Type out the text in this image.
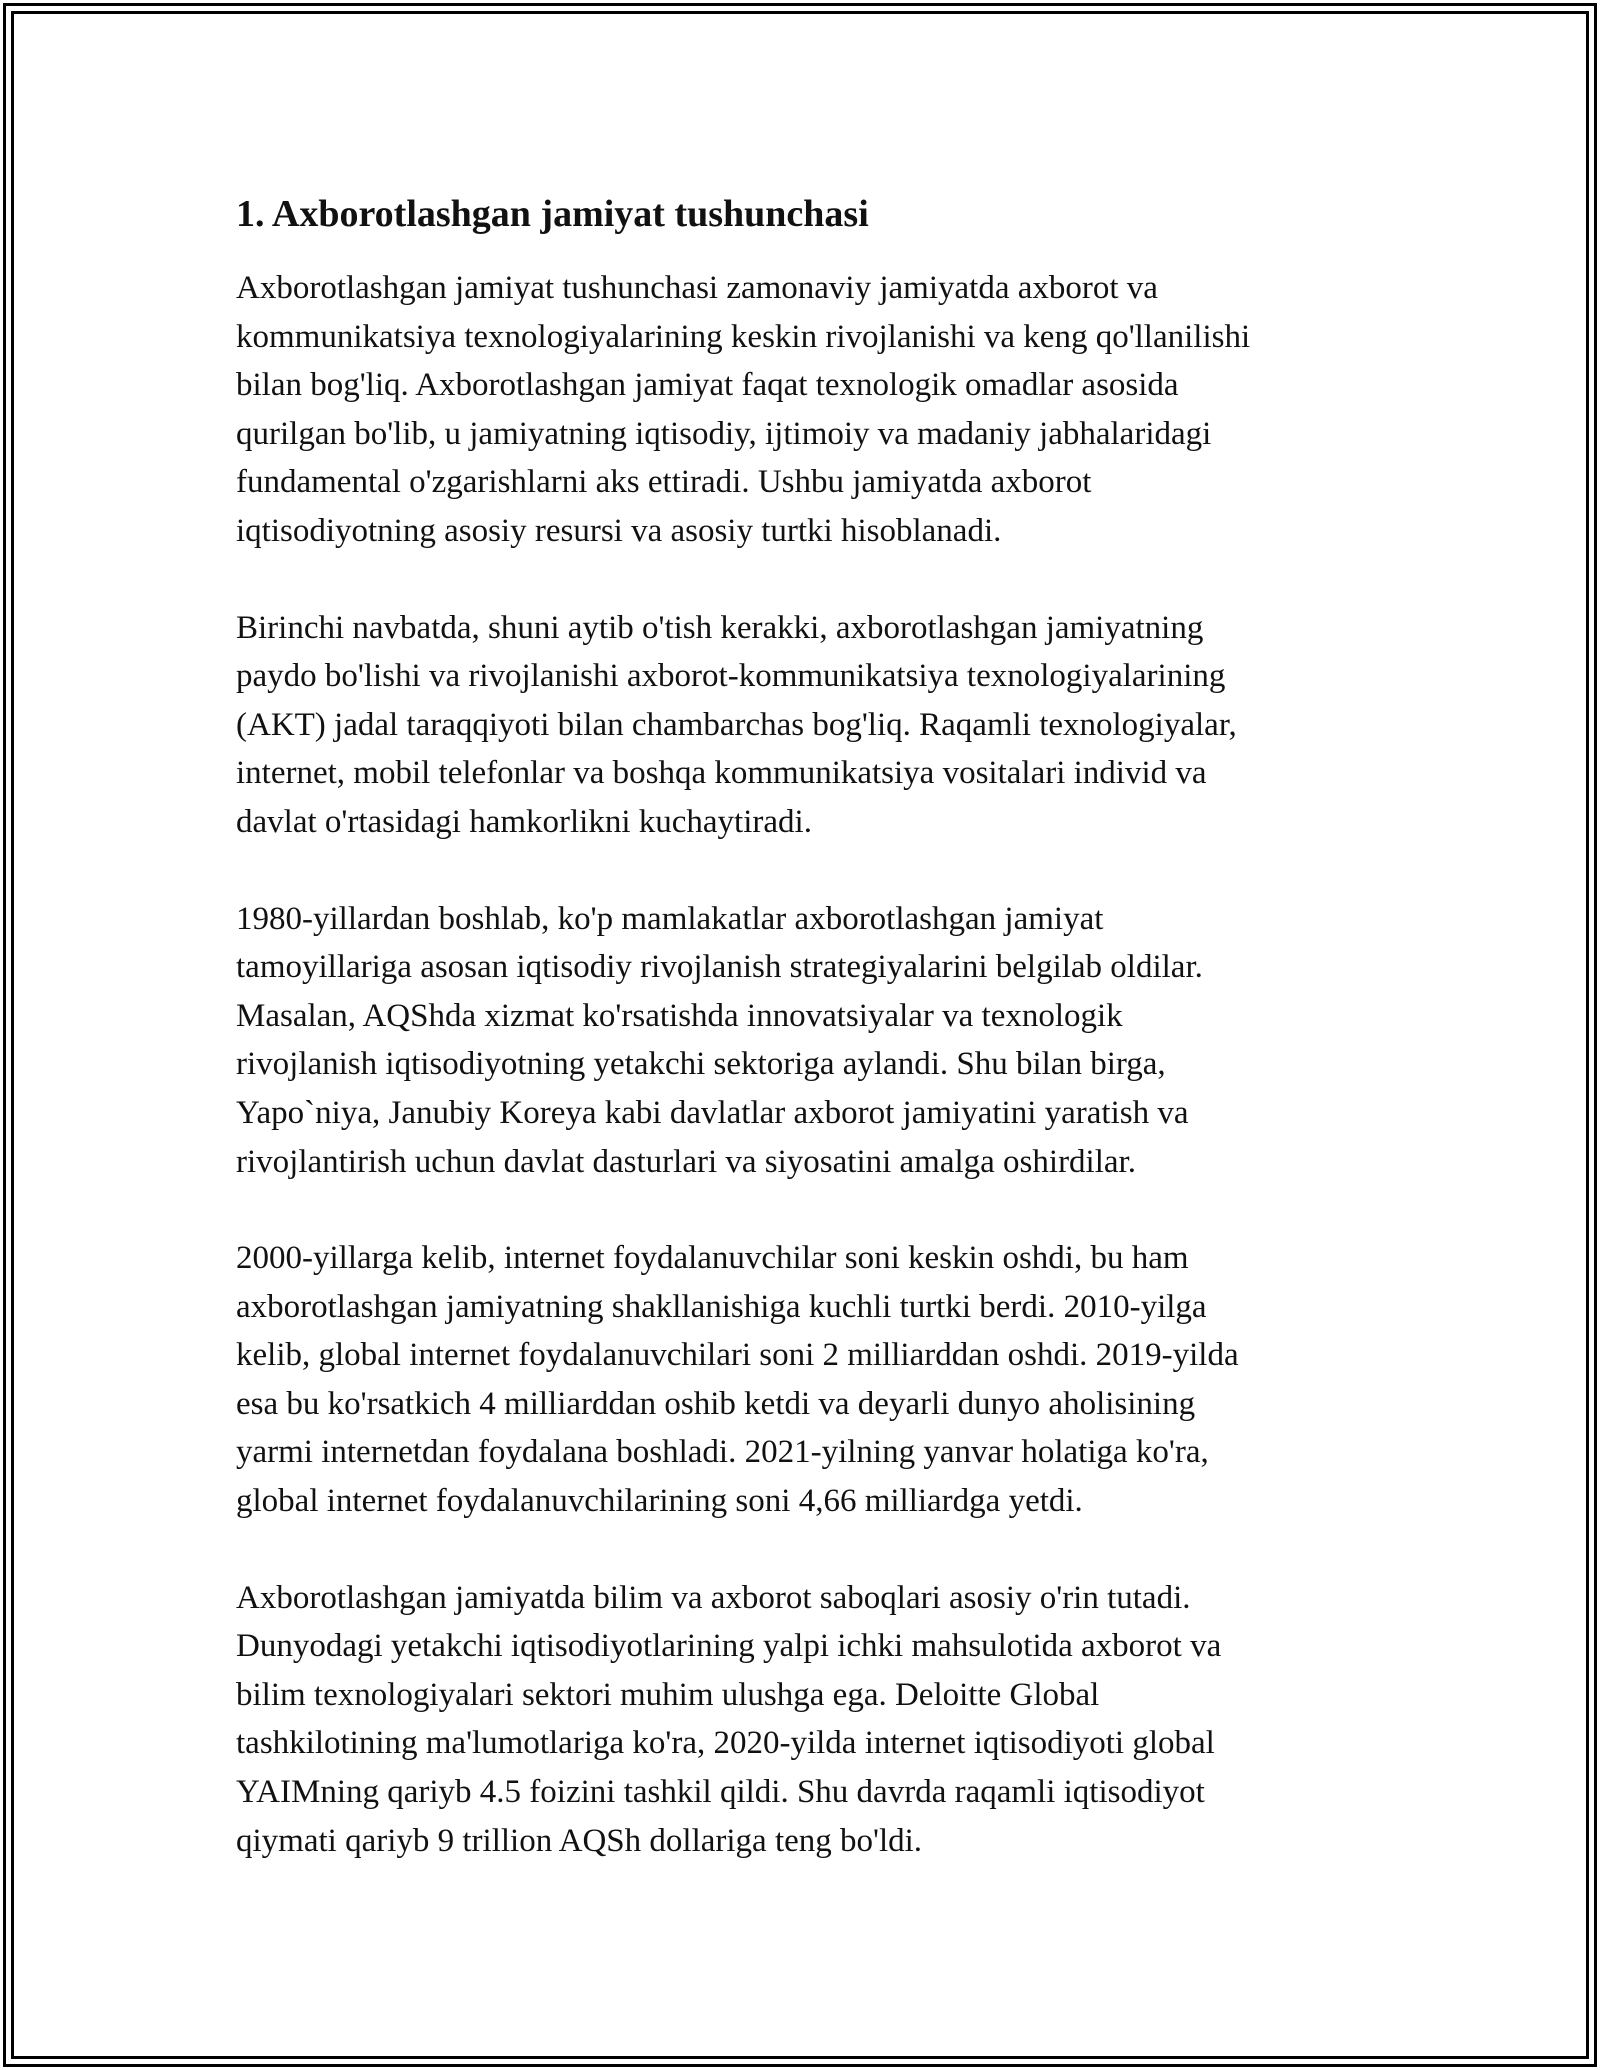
1. Axborotlashgan jamiyat tushunchasi

Axborotlashgan jamiyat tushunchasi zamonaviy jamiyatda axborot va
kommunikatsiya texnologiyalarining keskin rivojlanishi va keng qo'llanilishi
bilan bog'liq. Axborotlashgan jamiyat faqat texnologik omadlar asosida
qurilgan bo'lib, u jamiyatning iqtisodiy, ijtimoiy va madaniy jabhalaridagi
fundamental o'zgarishlarni aks ettiradi. Ushbu jamiyatda axborot
iqtisodiyotning asosiy resursi va asosiy turtki hisoblanadi.

Birinchi navbatda, shuni aytib o'tish kerakki, axborotlashgan jamiyatning
paydo bo'lishi va rivojlanishi axborot-kommunikatsiya texnologiyalarining
(AKT) jadal taraqqiyoti bilan chambarchas bog'liq. Raqamli texnologiyalar,
internet, mobil telefonlar va boshqa kommunikatsiya vositalari individ va
davlat o'rtasidagi hamkorlikni kuchaytiradi.

1980-yillardan boshlab, ko'p mamlakatlar axborotlashgan jamiyat
tamoyillariga asosan iqtisodiy rivojlanish strategiyalarini belgilab oldilar.
Masalan, AQShda xizmat ko'rsatishda innovatsiyalar va texnologik
rivojlanish iqtisodiyotning yetakchi sektoriga aylandi. Shu bilan birga,
Yapo`niya, Janubiy Koreya kabi davlatlar axborot jamiyatini yaratish va
rivojlantirish uchun davlat dasturlari va siyosatini amalga oshirdilar.

2000-yillarga kelib, internet foydalanuvchilar soni keskin oshdi, bu ham
axborotlashgan jamiyatning shakllanishiga kuchli turtki berdi. 2010-yilga
kelib, global internet foydalanuvchilari soni 2 milliarddan oshdi. 2019-yilda
esa bu ko'rsatkich 4 milliarddan oshib ketdi va deyarli dunyo aholisining
yarmi internetdan foydalana boshladi. 2021-yilning yanvar holatiga ko'ra,
global internet foydalanuvchilarining soni 4,66 milliardga yetdi.

Axborotlashgan jamiyatda bilim va axborot saboqlari asosiy o'rin tutadi.
Dunyodagi yetakchi iqtisodiyotlarining yalpi ichki mahsulotida axborot va
bilim texnologiyalari sektori muhim ulushga ega. Deloitte Global
tashkilotining ma'lumotlariga ko'ra, 2020-yilda internet iqtisodiyoti global
YAIMning qariyb 4.5 foizini tashkil qildi. Shu davrda raqamli iqtisodiyot
qiymati qariyb 9 trillion AQSh dollariga teng bo'ldi.
